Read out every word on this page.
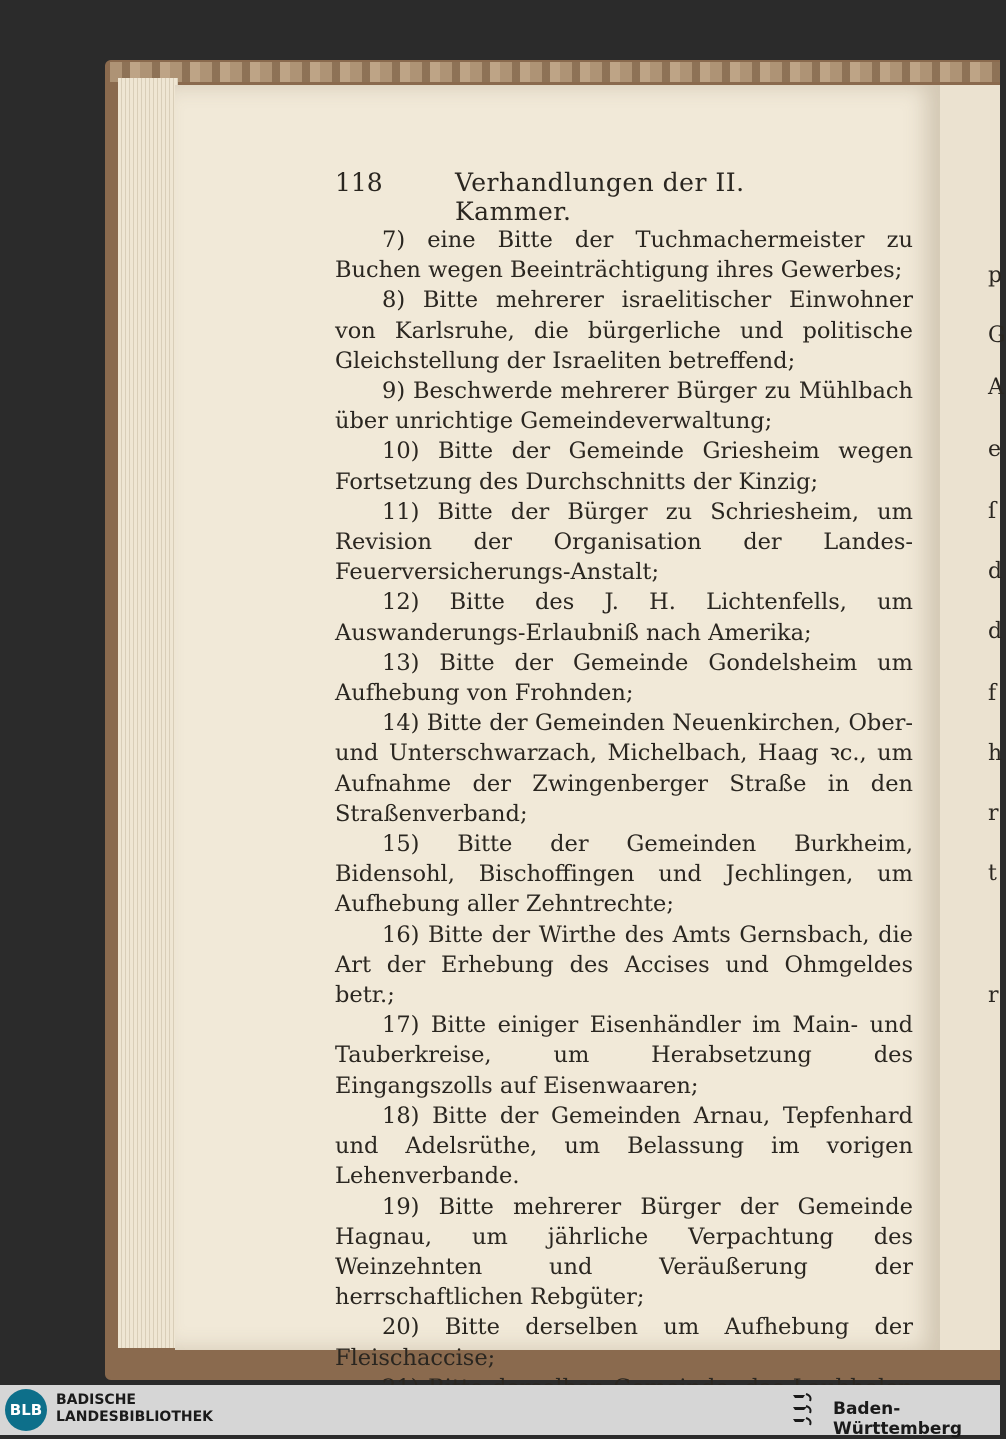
p
G
A
e
ſ
d
d
f
h
r
t
r
118	Verhandlungen der II. Kammer.

7) eine Bitte der Tuchmachermeister zu Buchen wegen Beeinträchtigung ihres Gewerbes;

8) Bitte mehrerer israelitischer Einwohner von Karlsruhe, die bürgerliche und politische Gleichstellung der Israeliten betreffend;

9) Beschwerde mehrerer Bürger zu Mühlbach über unrichtige Gemeindeverwaltung;

10) Bitte der Gemeinde Griesheim wegen Fortsetzung des Durchschnitts der Kinzig;

11) Bitte der Bürger zu Schriesheim, um Revision der Organisation der Landes-Feuerversicherungs-Anstalt;

12) Bitte des J. H. Lichtenfells, um Auswanderungs-Erlaubniß nach Amerika;

13) Bitte der Gemeinde Gondelsheim um Aufhebung von Frohnden;

14) Bitte der Gemeinden Neuenkirchen, Ober- und Unterschwarzach, Michelbach, Haag ꝛc., um Aufnahme der Zwingenberger Straße in den Straßenverband;

15) Bitte der Gemeinden Burkheim, Bidensohl, Bischoffingen und Jechlingen, um Aufhebung aller Zehntrechte;

16) Bitte der Wirthe des Amts Gernsbach, die Art der Erhebung des Accises und Ohmgeldes betr.;

17) Bitte einiger Eisenhändler im Main- und Tauberkreise, um Herabsetzung des Eingangszolls auf Eisenwaaren;

18) Bitte der Gemeinden Arnau, Tepfenhard und Adelsrüthe, um Belassung im vorigen Lehenverbande.

19) Bitte mehrerer Bürger der Gemeinde Hagnau, um jährliche Verpachtung des Weinzehnten und Veräußerung der herrschaftlichen Rebgüter;

20) Bitte derselben um Aufhebung der Fleischaccise;

BLB
BADISCHE
LANDESBIBLIOTHEK	Baden-Württemberg
